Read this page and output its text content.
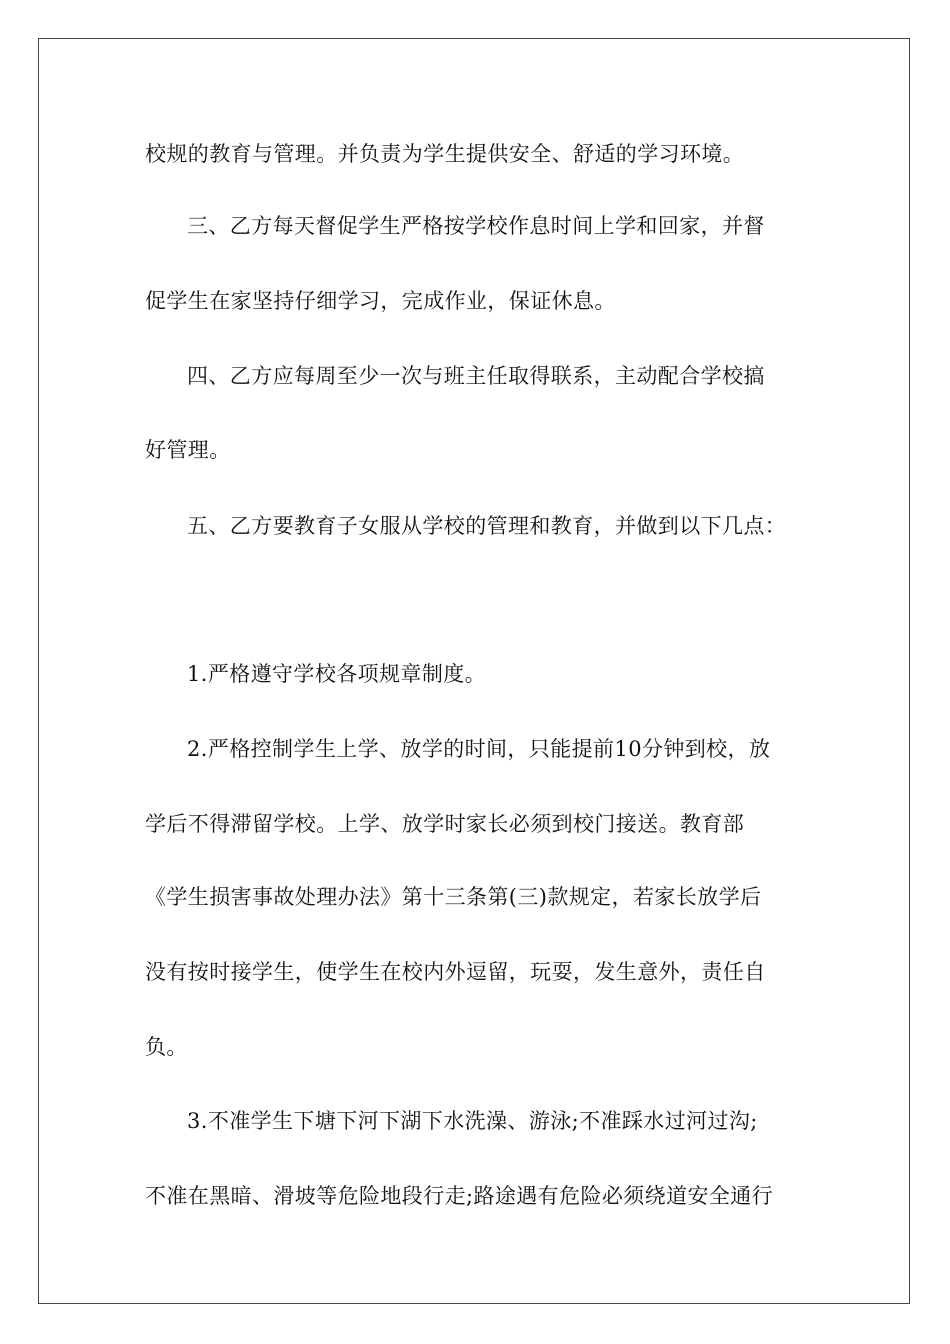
校规的教育与管理。并负责为学生提供安全、舒适的学习环境。
三、乙方每天督促学生严格按学校作息时间上学和回家，并督
促学生在家坚持仔细学习，完成作业，保证休息。
四、乙方应每周至少一次与班主任取得联系，主动配合学校搞
好管理。
五、乙方要教育子女服从学校的管理和教育，并做到以下几点：
1.严格遵守学校各项规章制度。
2.严格控制学生上学、放学的时间，只能提前10分钟到校，放
学后不得滞留学校。上学、放学时家长必须到校门接送。教育部
《学生损害事故处理办法》第十三条第(三)款规定，若家长放学后
没有按时接学生，使学生在校内外逗留，玩耍，发生意外，责任自
负。
3.不准学生下塘下河下湖下水洗澡、游泳;不准踩水过河过沟;
不准在黑暗、滑坡等危险地段行走;路途遇有危险必须绕道安全通行
